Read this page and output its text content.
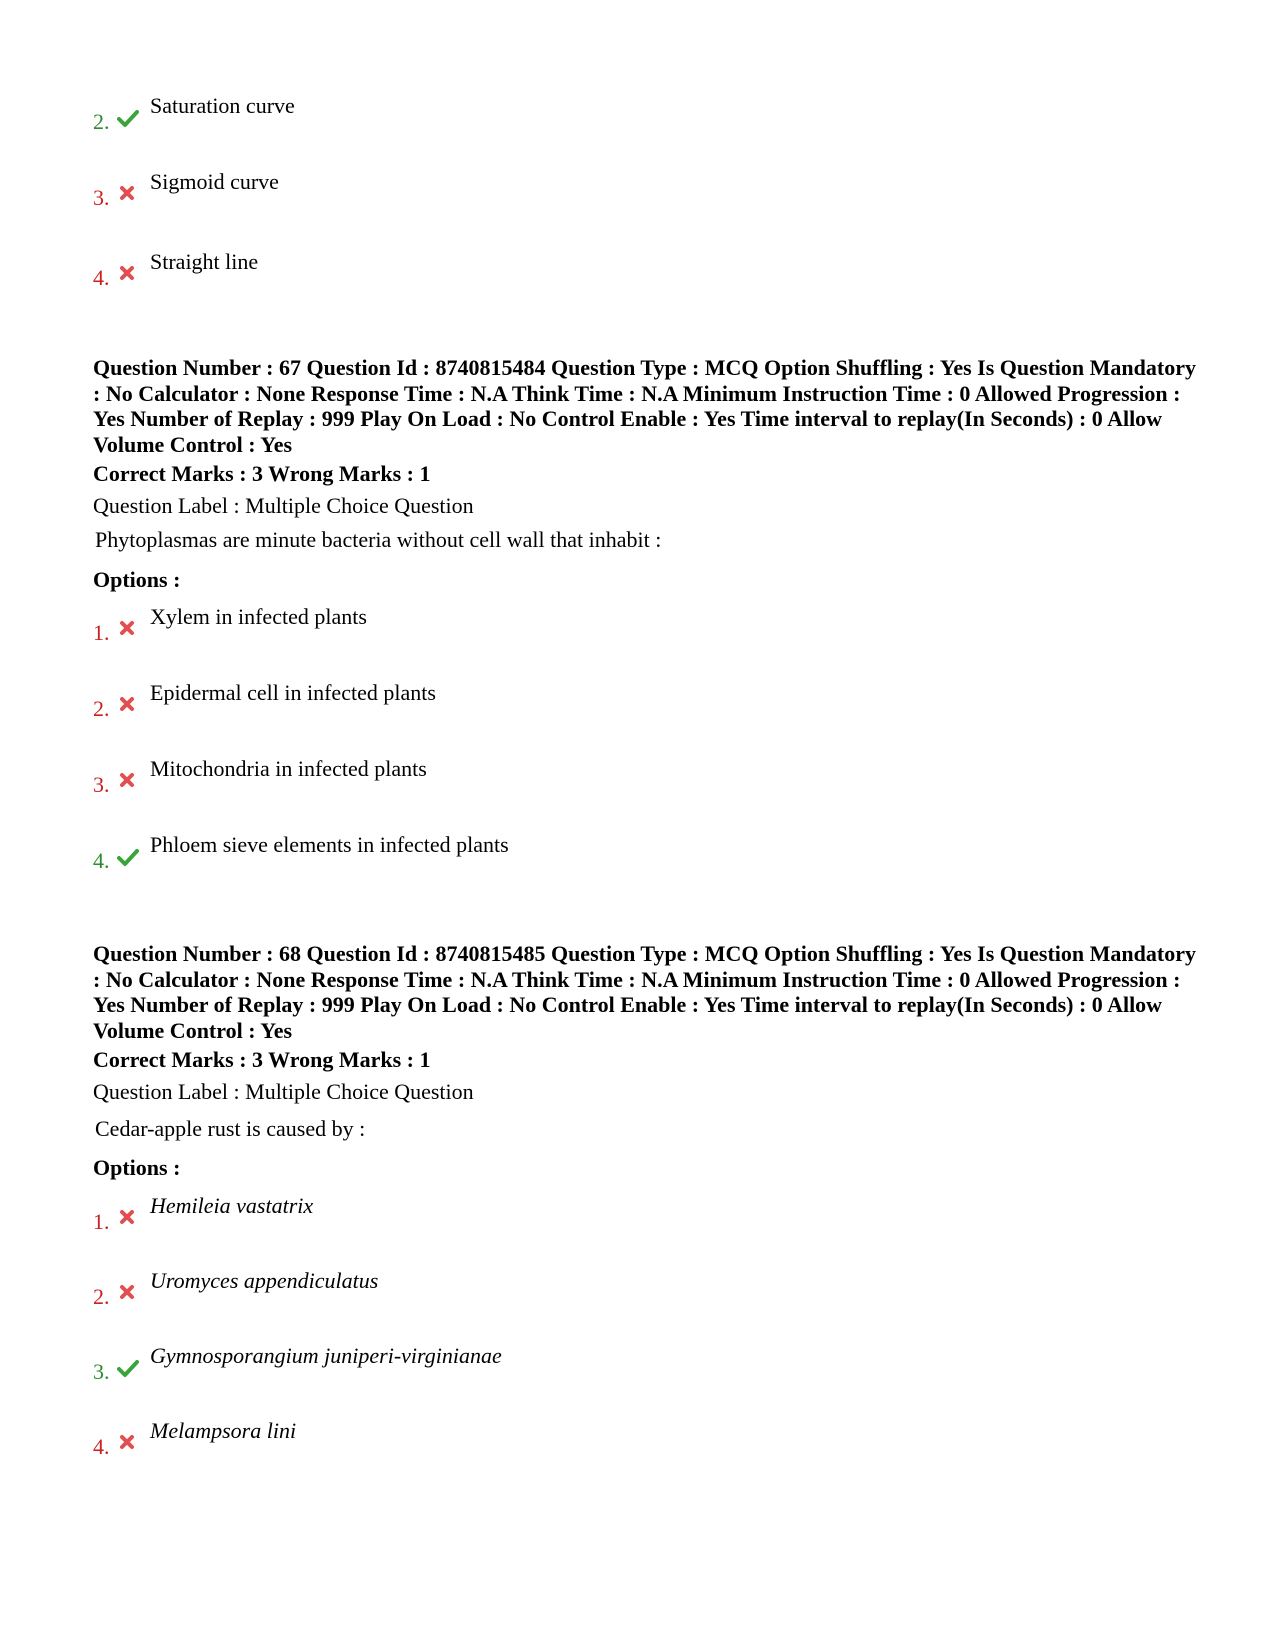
2.
Saturation curve
3.
Sigmoid curve
4.
Straight line
Question Number : 67 Question Id : 8740815484 Question Type : MCQ Option Shuffling : Yes Is Question Mandatory : No Calculator : None Response Time : N.A Think Time : N.A Minimum Instruction Time : 0 Allowed Progression : Yes Number of Replay : 999 Play On Load : No Control Enable : Yes Time interval to replay(In Seconds) : 0 Allow Volume Control : Yes
Correct Marks : 3 Wrong Marks : 1
Question Label : Multiple Choice Question
Phytoplasmas are minute bacteria without cell wall that inhabit :
Options :
1.
Xylem in infected plants
2.
Epidermal cell in infected plants
3.
Mitochondria in infected plants
4.
Phloem sieve elements in infected plants
Question Number : 68 Question Id : 8740815485 Question Type : MCQ Option Shuffling : Yes Is Question Mandatory : No Calculator : None Response Time : N.A Think Time : N.A Minimum Instruction Time : 0 Allowed Progression : Yes Number of Replay : 999 Play On Load : No Control Enable : Yes Time interval to replay(In Seconds) : 0 Allow Volume Control : Yes
Correct Marks : 3 Wrong Marks : 1
Question Label : Multiple Choice Question
Cedar-apple rust is caused by :
Options :
1.
Hemileia vastatrix
2.
Uromyces appendiculatus
3.
Gymnosporangium juniperi-virginianae
4.
Melampsora lini
